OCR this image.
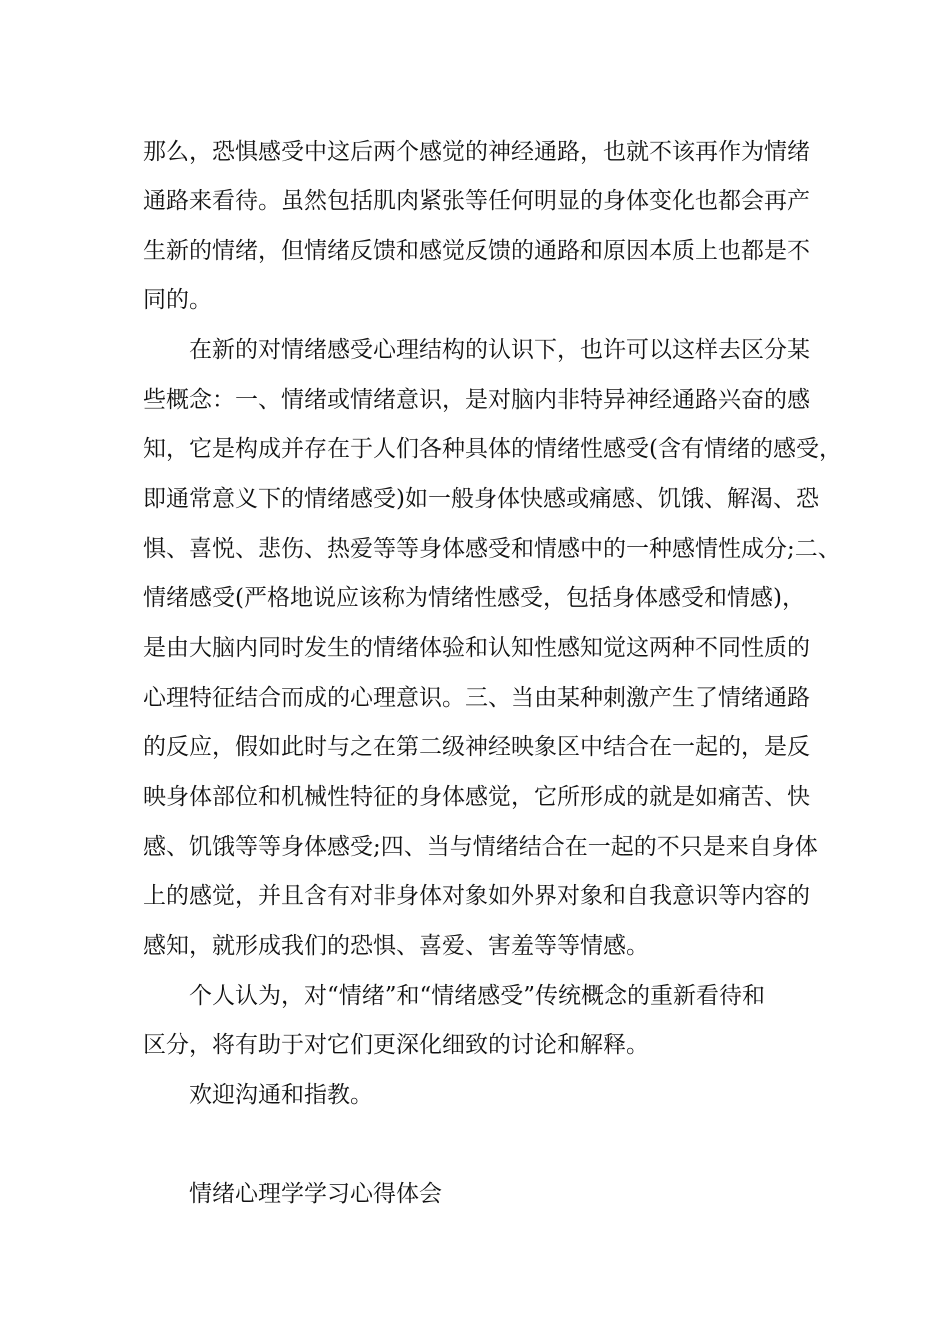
那么，恐惧感受中这后两个感觉的神经通路，也就不该再作为情绪
通路来看待。虽然包括肌肉紧张等任何明显的身体变化也都会再产
生新的情绪，但情绪反馈和感觉反馈的通路和原因本质上也都是不
同的。
在新的对情绪感受心理结构的认识下，也许可以这样去区分某
些概念：一、情绪或情绪意识，是对脑内非特异神经通路兴奋的感
知，它是构成并存在于人们各种具体的情绪性感受(含有情绪的感受，
即通常意义下的情绪感受)如一般身体快感或痛感、饥饿、解渴、恐
惧、喜悦、悲伤、热爱等等身体感受和情感中的一种感情性成分;二、
情绪感受(严格地说应该称为情绪性感受，包括身体感受和情感)，
是由大脑内同时发生的情绪体验和认知性感知觉这两种不同性质的
心理特征结合而成的心理意识。三、当由某种刺激产生了情绪通路
的反应，假如此时与之在第二级神经映象区中结合在一起的，是反
映身体部位和机械性特征的身体感觉，它所形成的就是如痛苦、快
感、饥饿等等身体感受;四、当与情绪结合在一起的不只是来自身体
上的感觉，并且含有对非身体对象如外界对象和自我意识等内容的
感知，就形成我们的恐惧、喜爱、害羞等等情感。
个人认为，对“情绪”和“情绪感受”传统概念的重新看待和
区分，将有助于对它们更深化细致的讨论和解释。
欢迎沟通和指教。
情绪心理学学习心得体会
